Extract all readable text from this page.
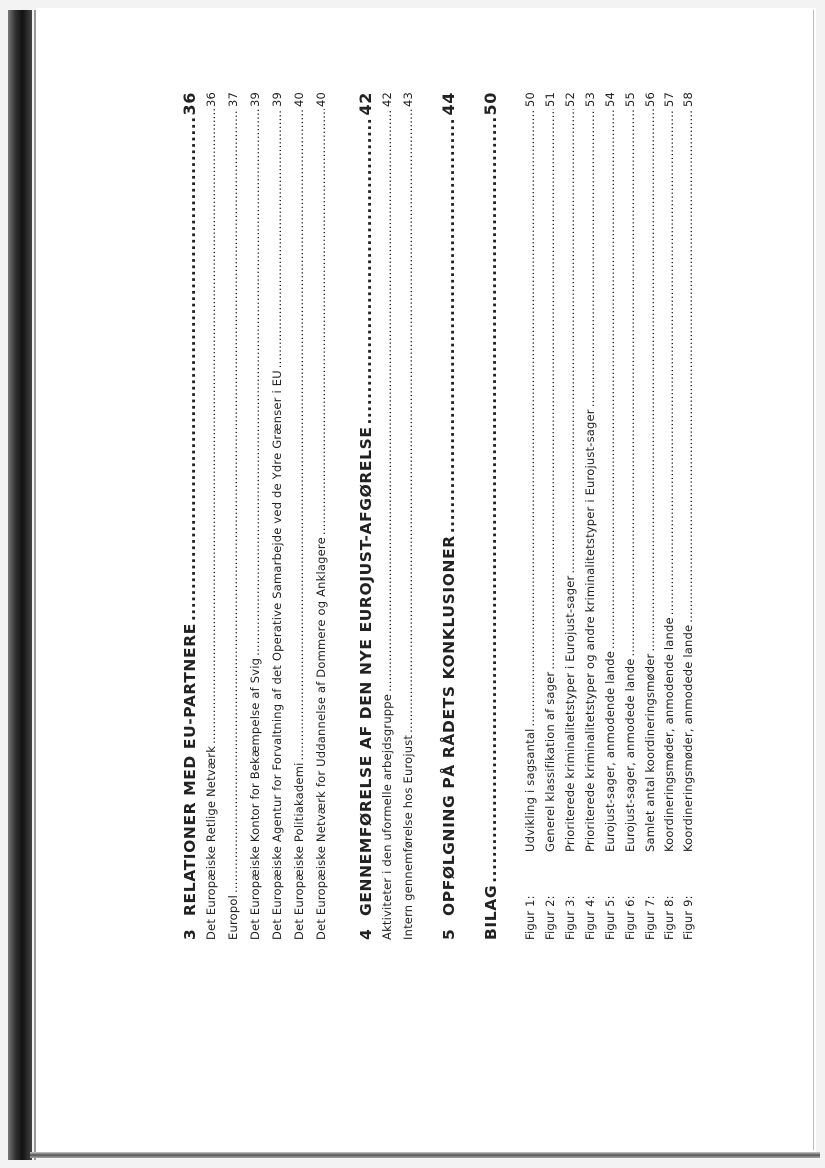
3
RELATIONER MED EU-PARTNERE
.....
36
Det Europæiske Retlige Netværk
.....
36
Europol
.....
37
Det Europæiske Kontor for Bekæmpelse af Svig
.....
39
Det Europæiske Agentur for Forvaltning af det Operative Samarbejde ved de Ydre Grænser i EU
.....
39
Det Europæiske Politiakademi
.....
40
Det Europæiske Netværk for Uddannelse af Dommere og Anklagere
.....
40
4
GENNEMFØRELSE AF DEN NYE EUROJUST-AFGØRELSE
.....
42
Aktiviteter i den uformelle arbejdsgruppe
.....
42
Intern gennemførelse hos Eurojust
.....
43
5
OPFØLGNING PÅ RÅDETS KONKLUSIONER
.....
44
BILAG
.....
50
Figur 1:
Udvikling i sagsantal
.....
50
Figur 2:
Generel klassifikation af sager
.....
51
Figur 3:
Prioriterede kriminalitetstyper i Eurojust-sager
.....
52
Figur 4:
Prioriterede kriminalitetstyper og andre kriminalitetstyper i Eurojust-sager
.....
53
Figur 5:
Eurojust-sager, anmodende lande
.....
54
Figur 6:
Eurojust-sager, anmodede lande
.....
55
Figur 7:
Samlet antal koordineringsmøder
.....
56
Figur 8:
Koordineringsmøder, anmodende lande
.....
57
Figur 9:
Koordineringsmøder, anmodede lande
.....
58
